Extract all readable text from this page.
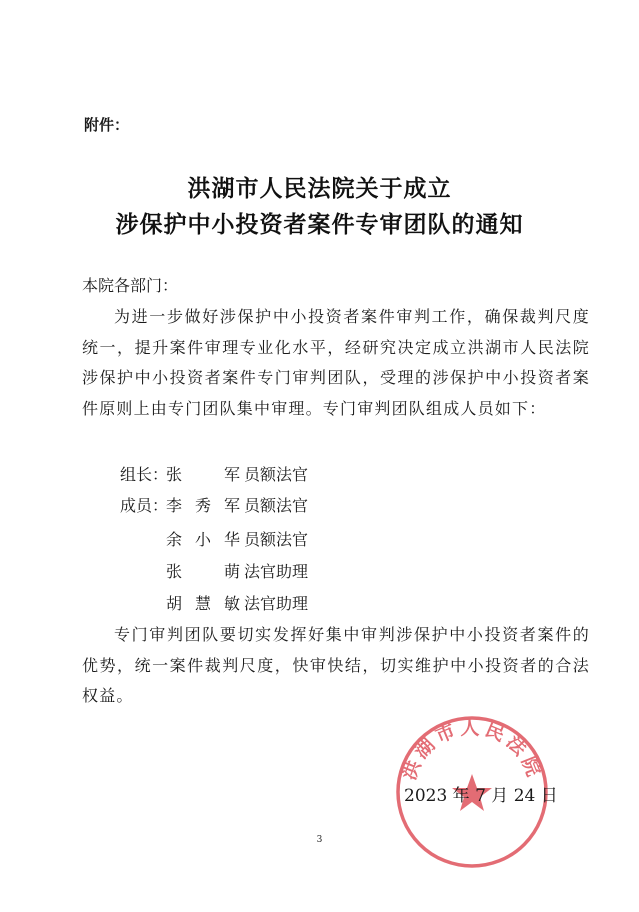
附件：
洪湖市人民法院关于成立
涉保护中小投资者案件专审团队的通知
本院各部门：
为进一步做好涉保护中小投资者案件审判工作，确保裁判尺度统一，提升案件审理专业化水平，经研究决定成立洪湖市人民法院涉保护中小投资者案件专门审判团队，受理的涉保护中小投资者案件原则上由专门团队集中审理。专门审判团队组成人员如下：
组长：
张 军 员额法官
成员：
李秀军 员额法官
余小华 员额法官
张 萌 法官助理
胡慧敏 法官助理
专门审判团队要切实发挥好集中审判涉保护中小投资者案件的优势，统一案件裁判尺度，快审快结，切实维护中小投资者的合法权益。
洪湖市人民法院
2023 年 7 月 24 日
3
